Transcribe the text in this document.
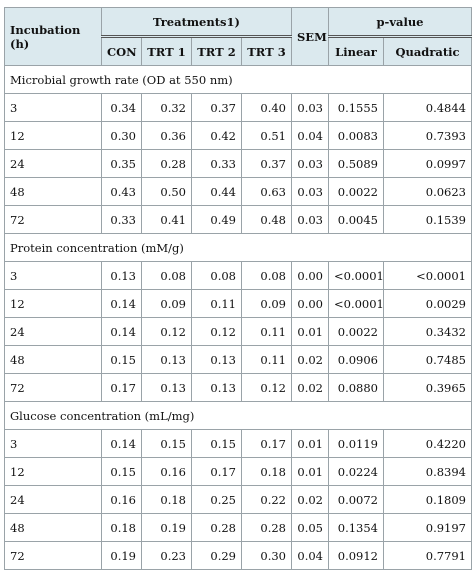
Incubation (h)	Treatments1)				SEM	p-value	
	CON	TRT 1	TRT 2	TRT 3		Linear	Quadratic
Microbial growth rate (OD at 550 nm)							
3	0.34	0.32	0.37	0.40	0.03	0.1555	0.4844
12	0.30	0.36	0.42	0.51	0.04	0.0083	0.7393
24	0.35	0.28	0.33	0.37	0.03	0.5089	0.0997
48	0.43	0.50	0.44	0.63	0.03	0.0022	0.0623
72	0.33	0.41	0.49	0.48	0.03	0.0045	0.1539
Protein concentration (mM/g)							
3	0.13	0.08	0.08	0.08	0.00	<0.0001	<0.0001
12	0.14	0.09	0.11	0.09	0.00	<0.0001	0.0029
24	0.14	0.12	0.12	0.11	0.01	0.0022	0.3432
48	0.15	0.13	0.13	0.11	0.02	0.0906	0.7485
72	0.17	0.13	0.13	0.12	0.02	0.0880	0.3965
Glucose concentration (mL/mg)							
3	0.14	0.15	0.15	0.17	0.01	0.0119	0.4220
12	0.15	0.16	0.17	0.18	0.01	0.0224	0.8394
24	0.16	0.18	0.25	0.22	0.02	0.0072	0.1809
48	0.18	0.19	0.28	0.28	0.05	0.1354	0.9197
72	0.19	0.23	0.29	0.30	0.04	0.0912	0.7791
